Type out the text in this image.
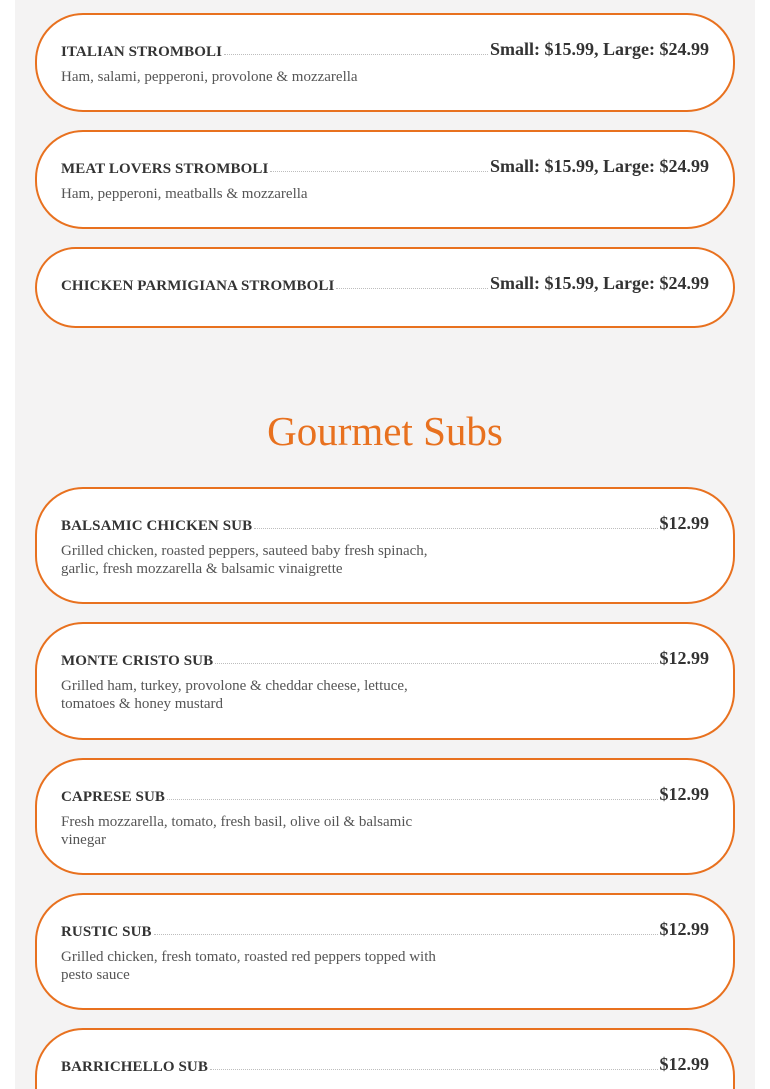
ITALIAN STROMBOLI	Small: $15.99, Large: $24.99
Ham, salami, pepperoni, provolone & mozzarella
MEAT LOVERS STROMBOLI	Small: $15.99, Large: $24.99
Ham, pepperoni, meatballs & mozzarella
CHICKEN PARMIGIANA STROMBOLI	Small: $15.99, Large: $24.99
Gourmet Subs
BALSAMIC CHICKEN SUB	$12.99
Grilled chicken, roasted peppers, sauteed baby fresh spinach, garlic, fresh mozzarella & balsamic vinaigrette
MONTE CRISTO SUB	$12.99
Grilled ham, turkey, provolone & cheddar cheese, lettuce, tomatoes & honey mustard
CAPRESE SUB	$12.99
Fresh mozzarella, tomato, fresh basil, olive oil & balsamic vinegar
RUSTIC SUB	$12.99
Grilled chicken, fresh tomato, roasted red peppers topped with pesto sauce
BARRICHELLO SUB	$12.99
